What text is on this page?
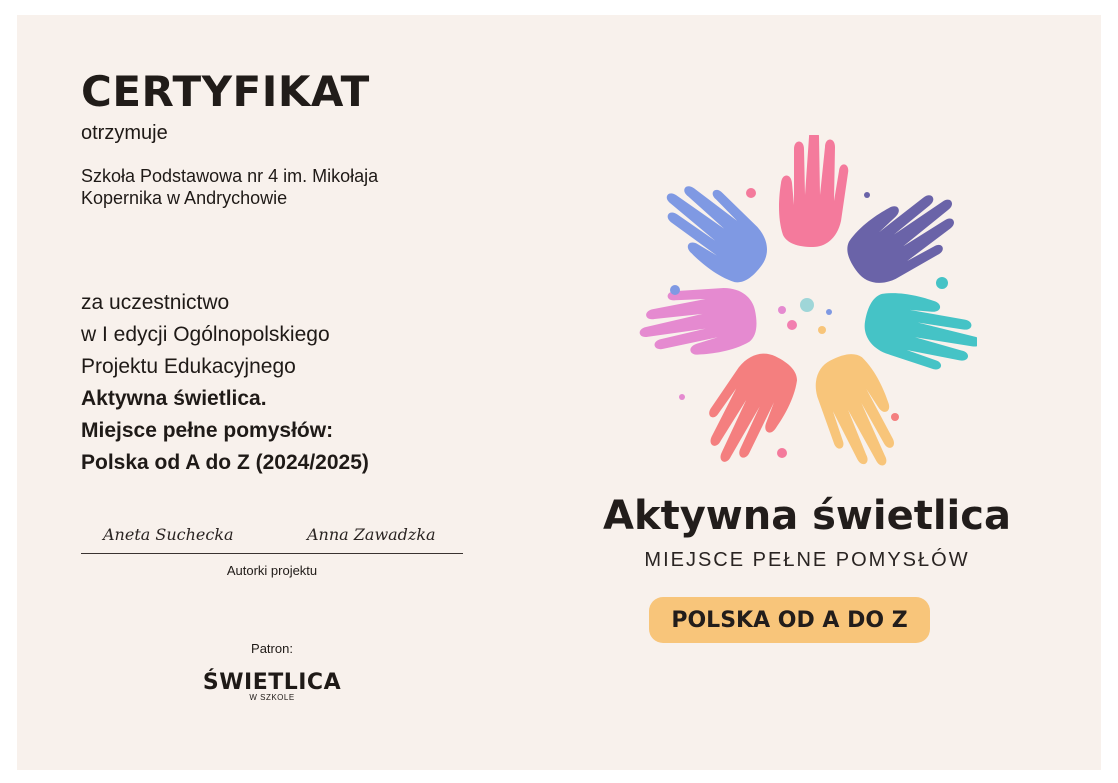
CERTYFIKAT
otrzymuje
Szkoła Podstawowa nr 4 im. Mikołaja
Kopernika w Andrychowie
za uczestnictwo
w I edycji Ogólnopolskiego
Projektu Edukacyjnego
Aktywna świetlica.
Miejsce pełne pomysłów:
Polska od A do Z (2024/2025)
Aneta Suchecka	Anna Zawadzka
Autorki projektu
Patron:
ŚWIETLICA
W SZKOLE
Aktywna świetlica
MIEJSCE PEŁNE POMYSŁÓW
POLSKA OD A DO Z
